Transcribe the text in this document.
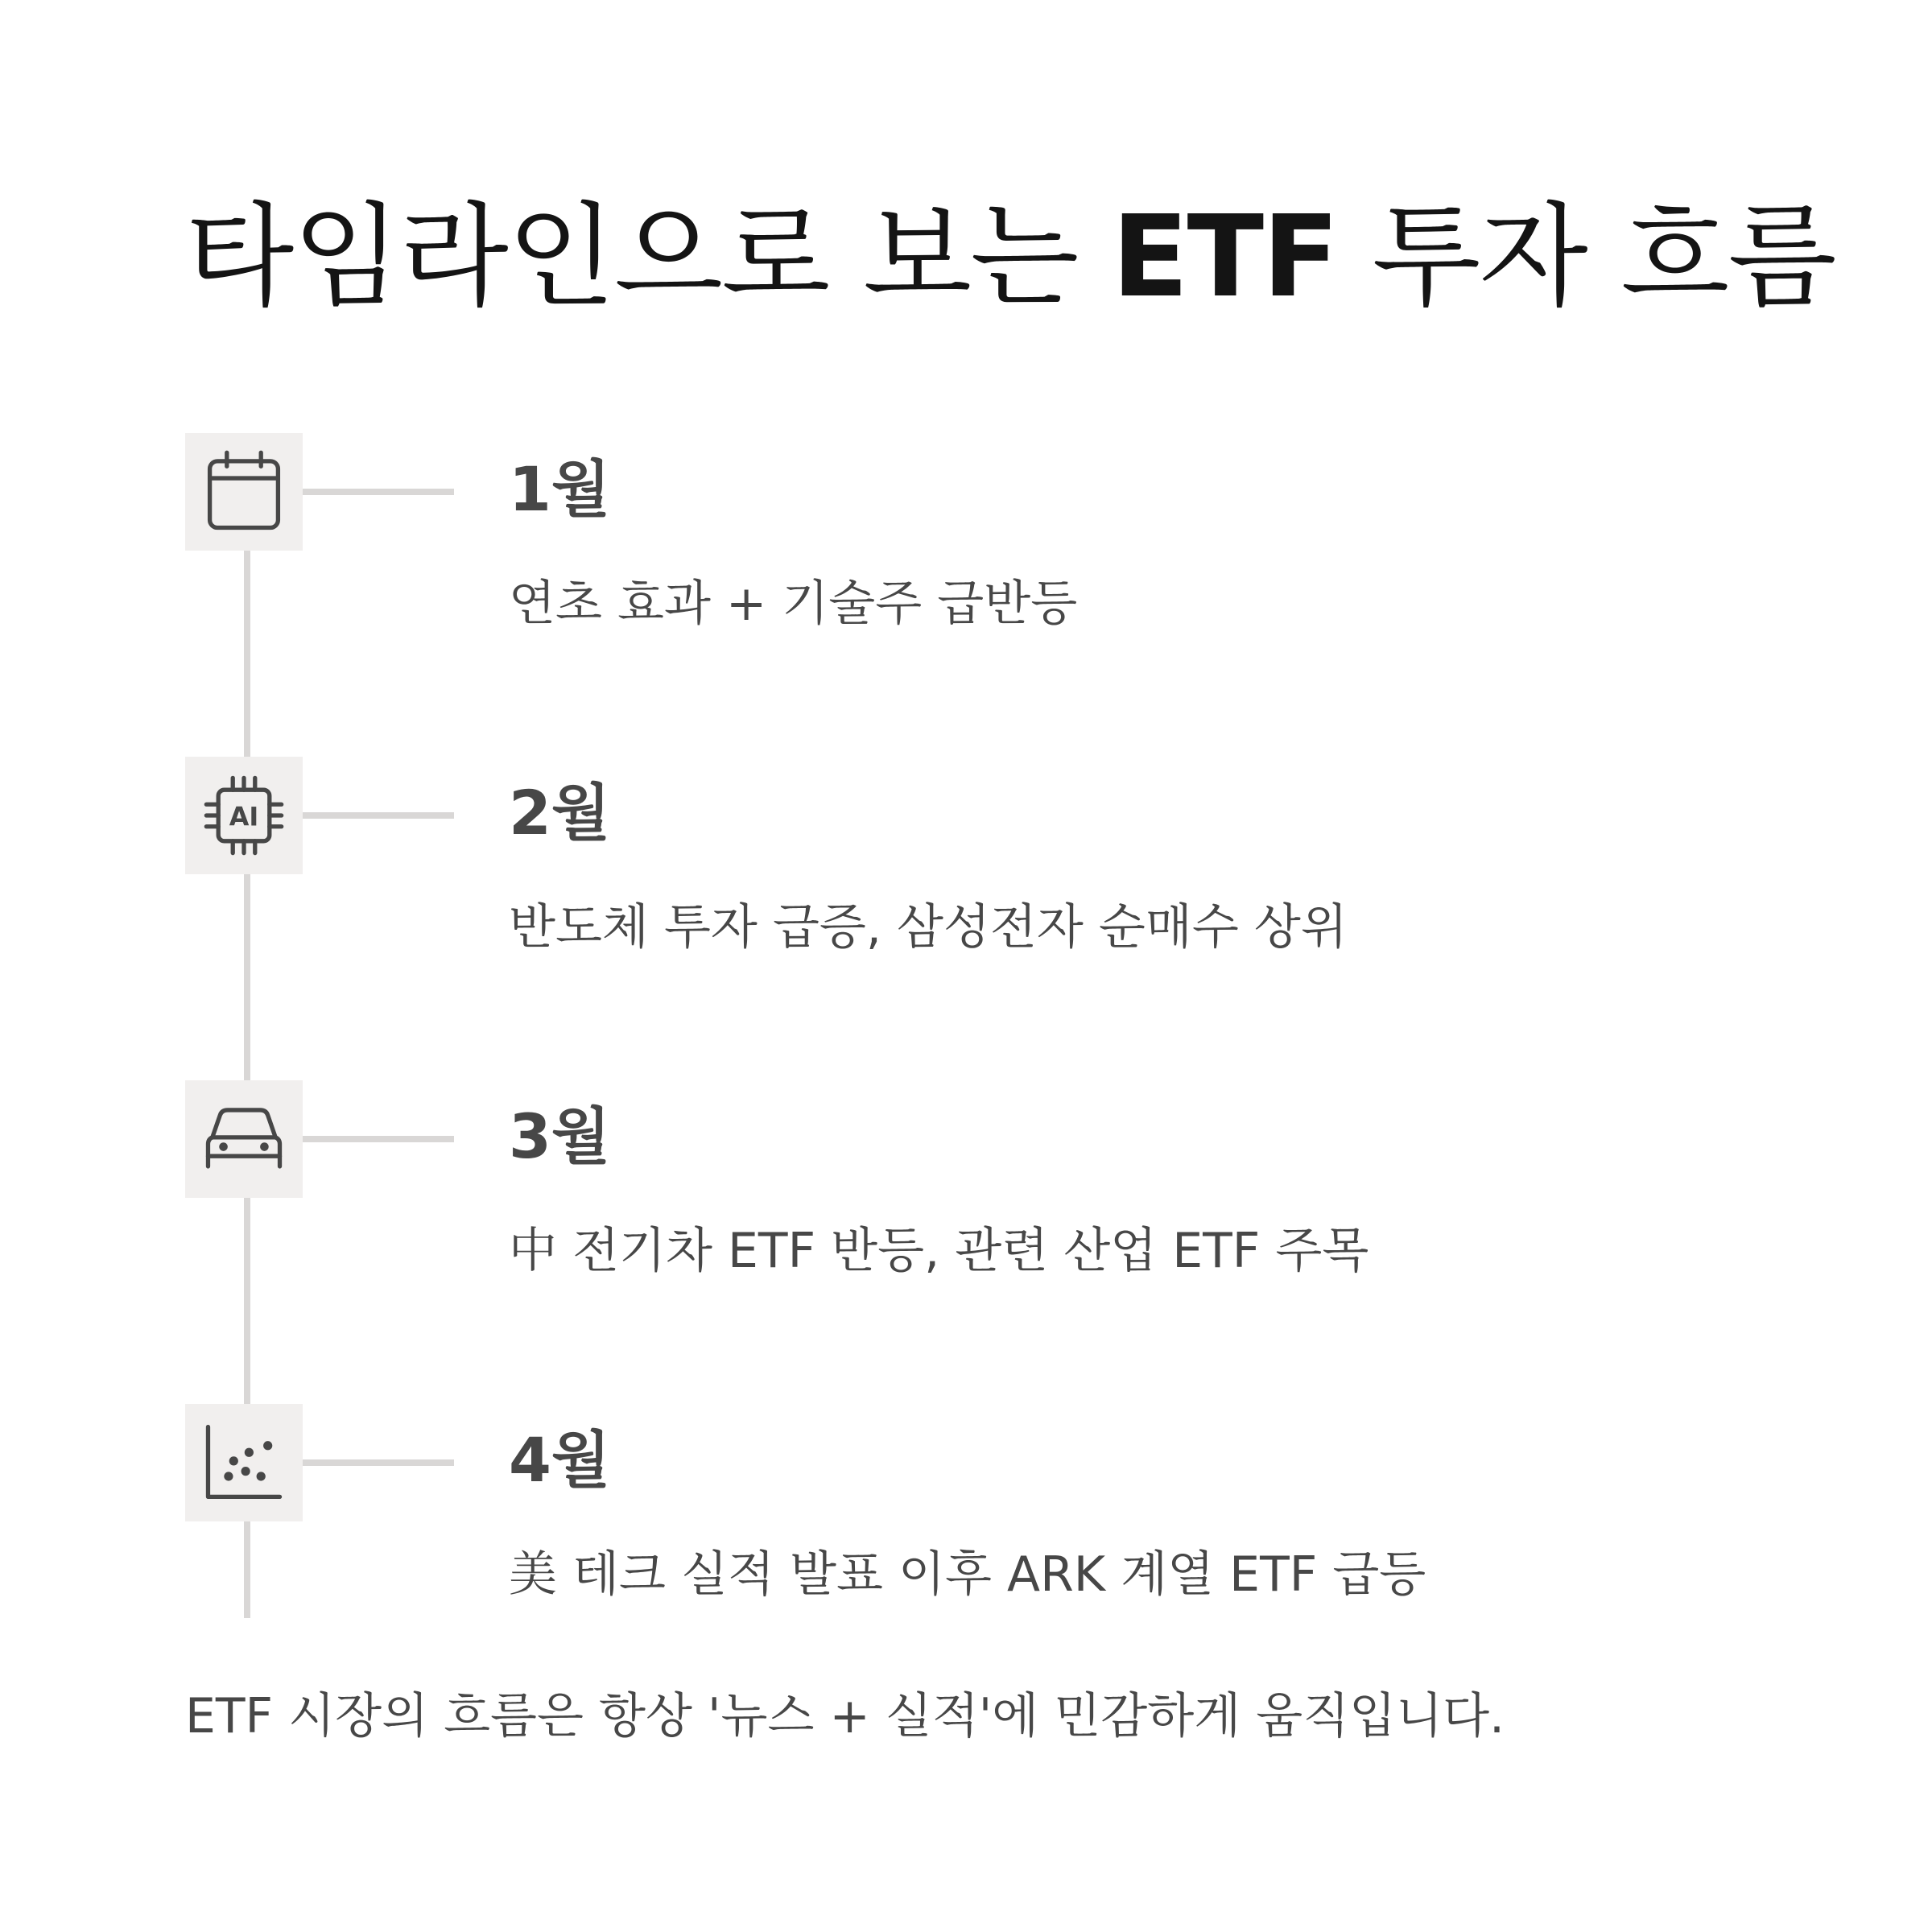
타임라인으로 보는 ETF 투자 흐름
1월
연초 효과 + 기술주 급반등
AI	2월
반도체 투자 급증, 삼성전자 순매수 상위
3월
中 전기차 ETF 반등, 관련 산업 ETF 주목
4월
美 테크 실적 발표 이후 ARK 계열 ETF 급등
ETF 시장의 흐름은 항상 '뉴스 + 실적'에 민감하게 움직입니다.
